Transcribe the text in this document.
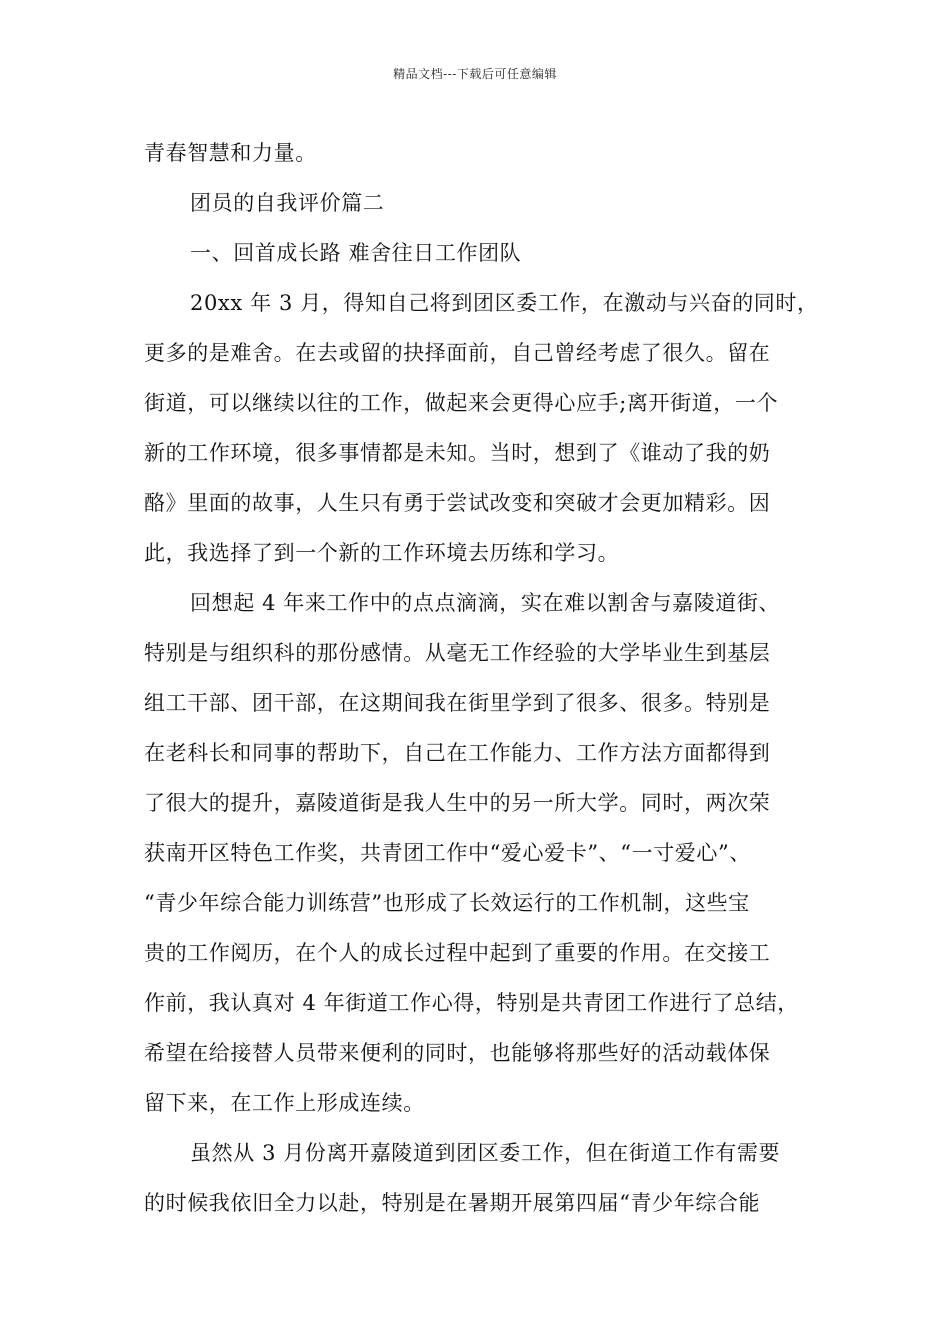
精品文档---下载后可任意编辑
青春智慧和力量。
团员的自我评价篇二
一、回首成长路 难舍往日工作团队
20xx 年 3 月，得知自己将到团区委工作，在激动与兴奋的同时，
更多的是难舍。在去或留的抉择面前，自己曾经考虑了很久。留在
街道，可以继续以往的工作，做起来会更得心应手;离开街道，一个
新的工作环境，很多事情都是未知。当时，想到了《谁动了我的奶
酪》里面的故事，人生只有勇于尝试改变和突破才会更加精彩。因
此，我选择了到一个新的工作环境去历练和学习。
回想起 4 年来工作中的点点滴滴，实在难以割舍与嘉陵道街、
特别是与组织科的那份感情。从毫无工作经验的大学毕业生到基层
组工干部、团干部，在这期间我在街里学到了很多、很多。特别是
在老科长和同事的帮助下，自己在工作能力、工作方法方面都得到
了很大的提升，嘉陵道街是我人生中的另一所大学。同时，两次荣
获南开区特色工作奖，共青团工作中“爱心爱卡”、“一寸爱心”、
“青少年综合能力训练营”也形成了长效运行的工作机制，这些宝
贵的工作阅历，在个人的成长过程中起到了重要的作用。在交接工
作前，我认真对 4 年街道工作心得，特别是共青团工作进行了总结，
希望在给接替人员带来便利的同时，也能够将那些好的活动载体保
留下来，在工作上形成连续。
虽然从 3 月份离开嘉陵道到团区委工作，但在街道工作有需要
的时候我依旧全力以赴，特别是在暑期开展第四届“青少年综合能
